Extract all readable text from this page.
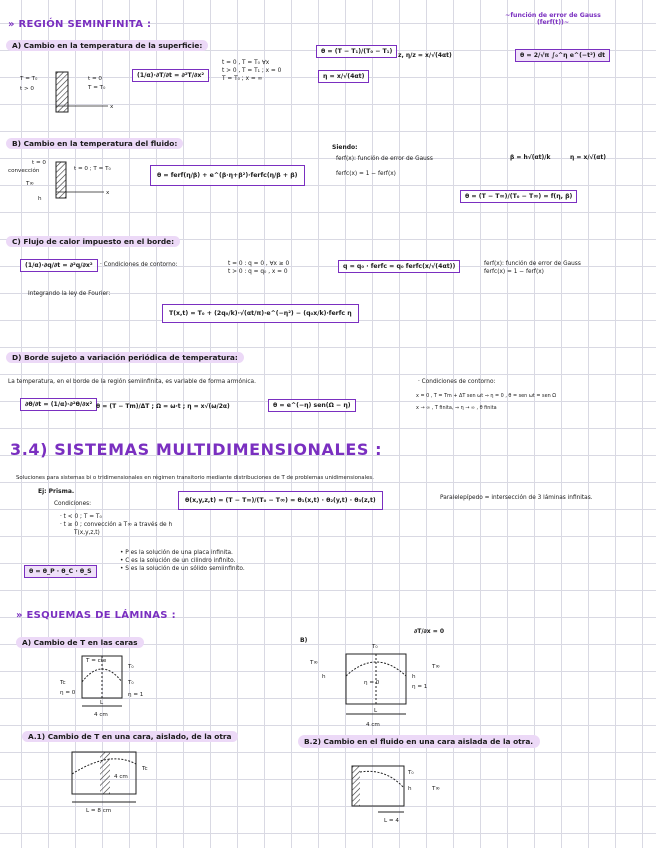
» REGIÓN SEMINFINITA :
~función de error de Gauss (ferf(t))~
θ = 2/√π ∫₀^η e^(−t²) dt
A) Cambio en la temperatura de la superficie:
T = T₀
t > 0
t = 0
T = T₀
x
(1/α)·∂T/∂t = ∂²T/∂x²
t = 0 , T = T₀ ∀x
t > 0 , T = T₁ ; x = 0
T = T₀ ; x = ∞
θ = (T − T₁)/(T₀ − T₁)
η = x/√(4αt)
z, η/z = x/√(4αt)
B) Cambio en la temperatura del fluido:
t = 0
convección
T∞
h
t = 0 ; T = T₀
x
θ = ferf(η/β) + e^(β·η+β²)·ferfc(η/β + β)
Siendo:
ferf(x): función de error de Gauss
ferfc(x) = 1 − ferf(x)
β = h√(αt)/k	η = x/√(αt)
θ = (T − T∞)/(T₀ − T∞) = f(η, β)
C) Flujo de calor impuesto en el borde:
(1/α)·∂q/∂t = ∂²q/∂x²	· Condiciones de contorno:	t = 0 : q = 0 , ∀x ≥ 0
t > 0 : q = q₀ , x = 0
q = q₀ · ferfc = q₀ ferfc(x/√(4αt))	ferf(x): función de error de Gauss
ferfc(x) = 1 − ferf(x)
Integrando la ley de Fourier:
T(x,t) = T₀ + (2q₀/k)·√(αt/π)·e^(−η²) − (q₀x/k)·ferfc η
D) Borde sujeto a variación periódica de temperatura:
La temperatura, en el borde de la región semiinfinita, es variable de forma armónica.
∂θ/∂t = (1/α)·∂²θ/∂x² θ = (T − Tm)/ΔT ; Ω = ω·t ; η = x√(ω/2α)	θ = e^(−η) sen(Ω − η)
· Condiciones de contorno:
x = 0 , T = Tm + ΔT sen ωt ⇒ η = 0 , θ = sen ωt = sen Ω
x → ∞ , T finita, ⇒ η → ∞ , θ finita
3.4) SISTEMAS MULTIDIMENSIONALES :
Soluciones para sistemas bi o tridimensionales en régimen transitorio mediante distribuciones de T de problemas unidimensionales.
Ej: Prisma.
Condiciones:
· t < 0 ; T = T₀
· t ≥ 0 ; convección a T∞ a través de h
T(x,y,z,t)
θ(x,y,z,t) = (T − T∞)/(T₀ − T∞) = θ₁(x,t) · θ₂(y,t) · θ₃(z,t)	Paralelepípedo = intersección de 3 láminas infinitas.
θ = θ_P · θ_C · θ_S
• P es la solución de una placa infinita.
• C es la solución de un cilindro infinito.
• S es la solución de un sólido semiinfinito.
» ESQUEMAS DE LÁMINAS :
A) Cambio de T en las caras
T = cte
T₀
Tc
η = 0	η = 1
T₀
L
4 cm
B)
∂T/∂x = 0
T₀
T∞
h
η = 0
T∞
h
η = 1
L
4 cm
A.1) Cambio de T en una cara, aislado, de la otra
4 cm
Tc
L = 8 cm
B.2) Cambio en el fluido en una cara aislada de la otra.
T₀
h	T∞
L = 4
